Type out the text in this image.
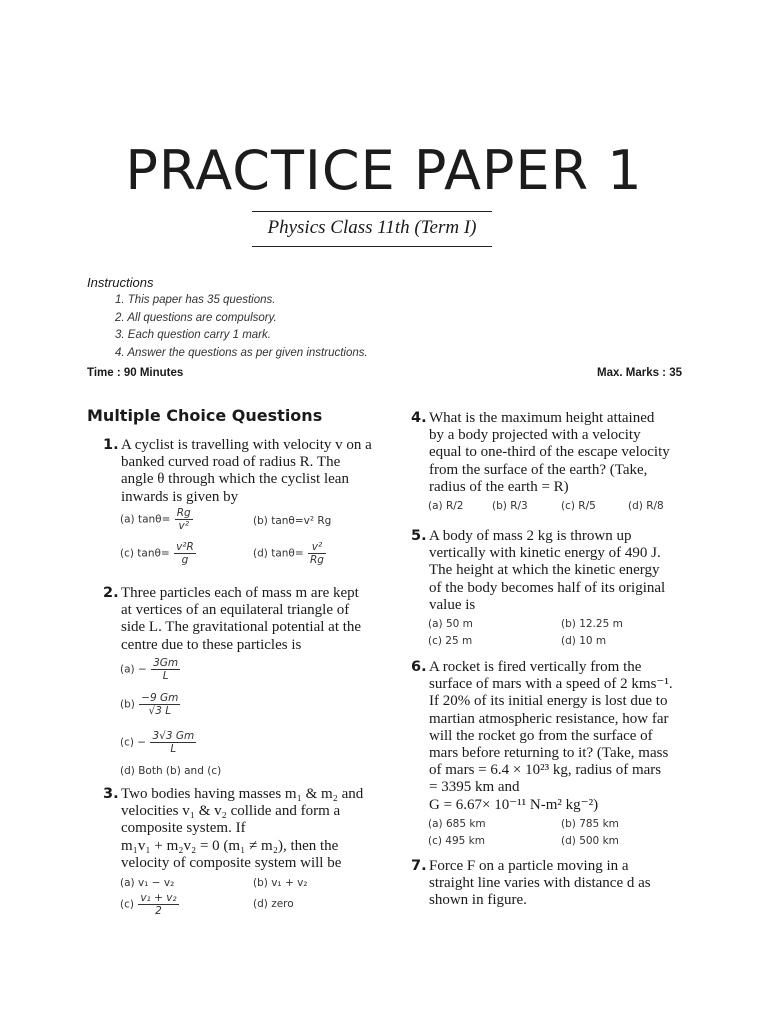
PRACTICE PAPER 1
Physics Class 11th (Term I)
Instructions
1. This paper has 35 questions.
2. All questions are compulsory.
3. Each question carry 1 mark.
4. Answer the questions as per given instructions.
Time : 90 Minutes	Max. Marks : 35
Multiple Choice Questions
1. A cyclist is travelling with velocity v on a
banked curved road of radius R. The
angle θ through which the cyclist lean
inwards is given by
(a) $\tan\theta= \frac{Rg}{\text{v²}}$	(b) tanθ=v² Rg
(c) $\tan\theta= \frac{\text{v²R}}{g}$	(d) $\tan\theta= \frac{\text{v²}}{Rg}$
2. Three particles each of mass m are kept
at vertices of an equilateral triangle of
side L. The gravitational potential at the
centre due to these particles is
$(a) - \frac{3Gm}{L}$
$(b) \frac{-9 Gm}{√3 L}$
$(c) - \frac{3√3 Gm}{L}$
(d) Both (b) and (c)
3. Two bodies having masses m₁ & m₂ and
velocities v₁ & v₂ collide and form a
composite system. If
m₁v₁ + m₂v₂ = 0 (m₁ ≠ m₂), then the
velocity of composite system will be
(a) v₁ − v₂	(b) v₁ + v₂
$(c) \frac{\text{v₁ + v₂}}{2}$	(d) zero
4. What is the maximum height attained
by a body projected with a velocity
equal to one-third of the escape velocity
from the surface of the earth? (Take,
radius of the earth = R)
(a) R/2	(b) R/3	(c) R/5	(d) R/8
5. A body of mass 2 kg is thrown up
vertically with kinetic energy of 490 J.
The height at which the kinetic energy
of the body becomes half of its original
value is
(a) 50 m	(b) 12.25 m
(c) 25 m	(d) 10 m
6. A rocket is fired vertically from the
surface of mars with a speed of 2 kms⁻¹.
If 20% of its initial energy is lost due to
martian atmospheric resistance, how far
will the rocket go from the surface of
mars before returning to it? (Take, mass
of mars = 6.4 × 10²³ kg, radius of mars
= 3395 km and
G = 6.67× 10⁻¹¹ N-m² kg⁻²)
(a) 685 km	(b) 785 km
(c) 495 km	(d) 500 km
7. Force F on a particle moving in a
straight line varies with distance d as
shown in figure.
